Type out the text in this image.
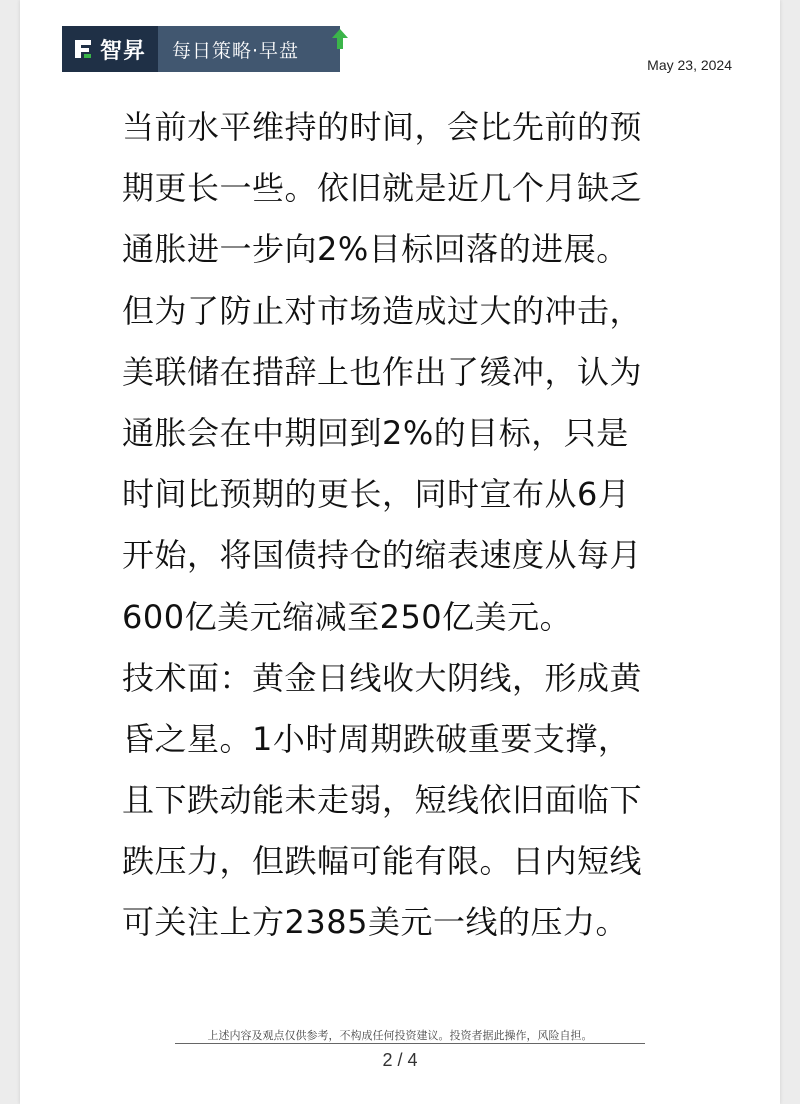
智昇 每日策略·早盘
May 23, 2024
当前水平维持的时间，会比先前的预
期更长一些。依旧就是近几个月缺乏
通胀进一步向2%目标回落的进展。
但为了防止对市场造成过大的冲击，
美联储在措辞上也作出了缓冲，认为
通胀会在中期回到2%的目标，只是
时间比预期的更长，同时宣布从6月
开始，将国债持仓的缩表速度从每月
600亿美元缩减至250亿美元。
技术面：黄金日线收大阴线，形成黄
昏之星。1小时周期跌破重要支撑，
且下跌动能未走弱，短线依旧面临下
跌压力，但跌幅可能有限。日内短线
可关注上方2385美元一线的压力。
上述内容及观点仅供参考，不构成任何投资建议。投资者据此操作，风险自担。
2 / 4
